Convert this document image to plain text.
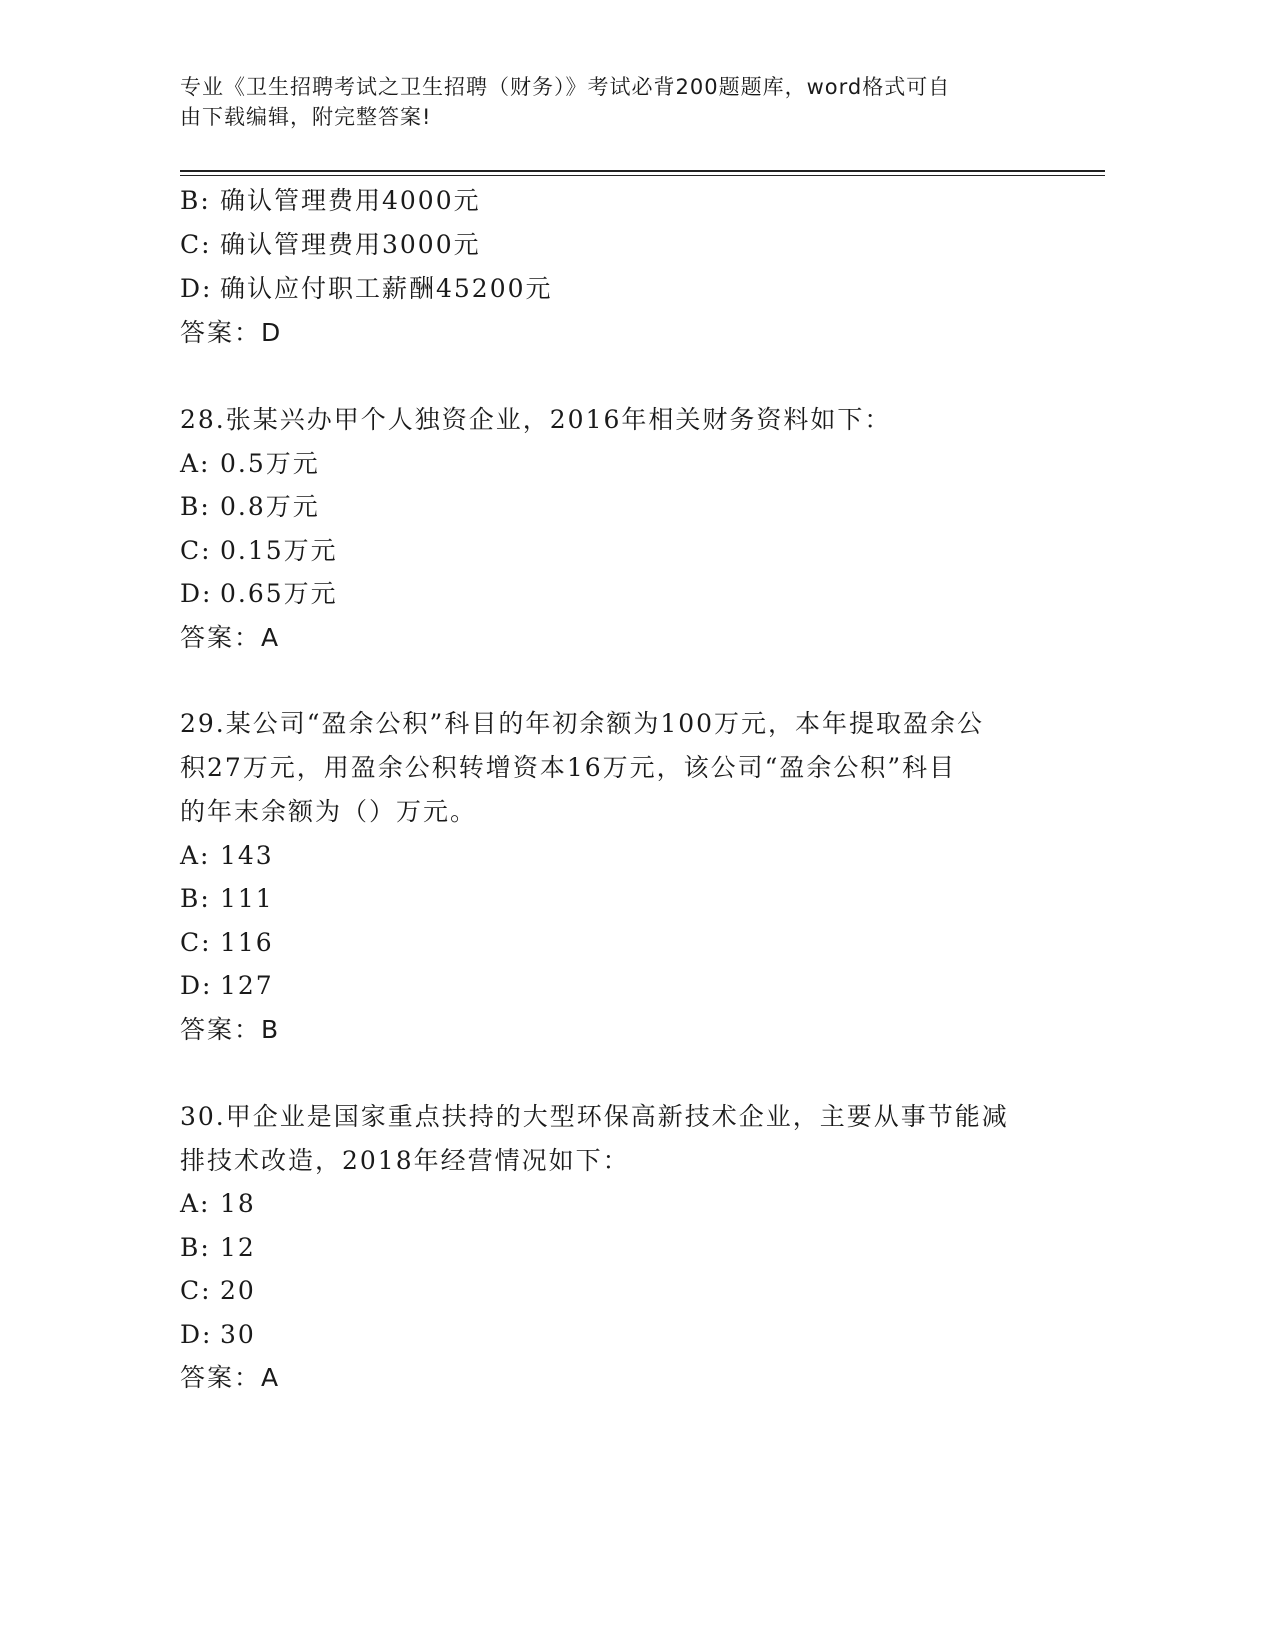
专业《卫生招聘考试之卫生招聘（财务）》考试必背200题题库，word格式可自
由下载编辑，附完整答案!
B: 确认管理费用4000元
C: 确认管理费用3000元
D: 确认应付职工薪酬45200元
答案：D
28.张某兴办甲个人独资企业，2016年相关财务资料如下：
A: 0.5万元
B: 0.8万元
C: 0.15万元
D: 0.65万元
答案：A
29.某公司“盈余公积”科目的年初余额为100万元，本年提取盈余公
积27万元，用盈余公积转增资本16万元，该公司“盈余公积”科目
的年末余额为（）万元。
A: 143
B: 111
C: 116
D: 127
答案：B
30.甲企业是国家重点扶持的大型环保高新技术企业，主要从事节能减
排技术改造，2018年经营情况如下：
A: 18
B: 12
C: 20
D: 30
答案：A
